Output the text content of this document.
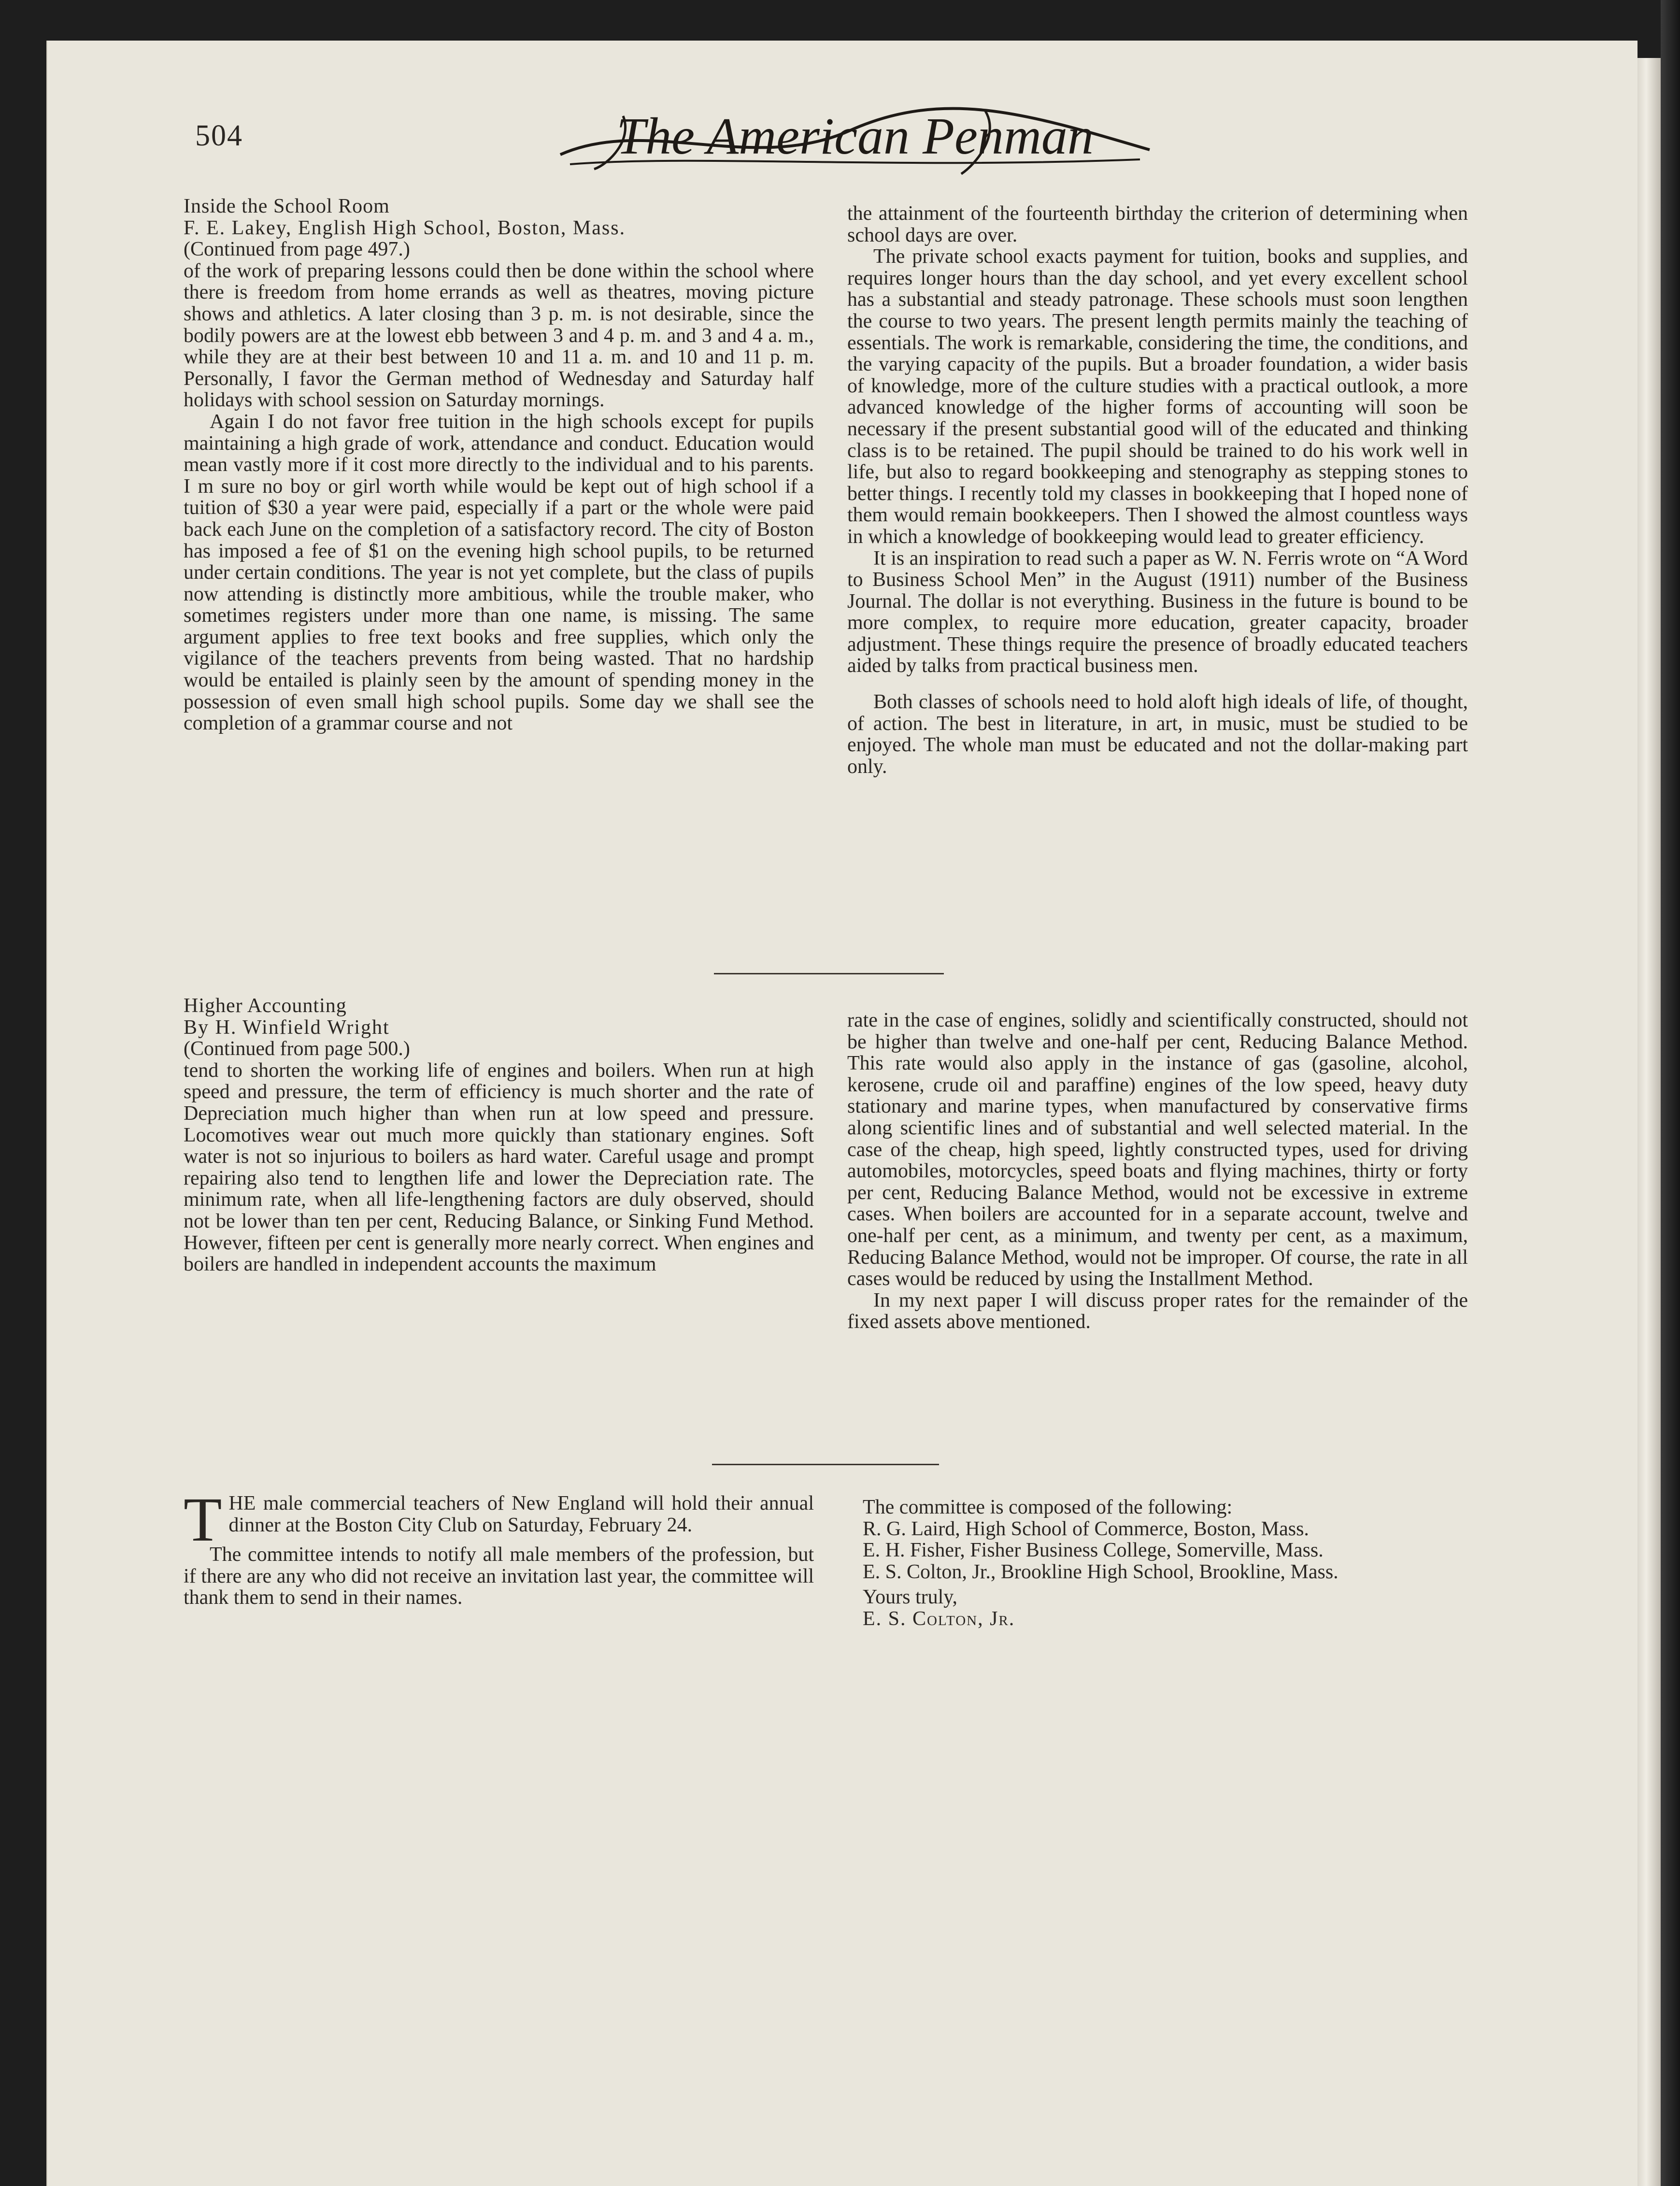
504	The American Penman

Inside the School Room

F. E. Lakey, English High School, Boston, Mass.

(Continued from page 497.)

of the work of preparing lessons could then be done within the school where there is freedom from home errands as well as theatres, moving picture shows and athletics. A later closing than 3 p. m. is not desirable, since the bodily powers are at the lowest ebb between 3 and 4 p. m. and 3 and 4 a. m., while they are at their best between 10 and 11 a. m. and 10 and 11 p. m. Personally, I favor the German method of Wednesday and Saturday half holidays with school session on Saturday mornings.

Again I do not favor free tuition in the high schools except for pupils maintaining a high grade of work, attendance and conduct. Education would mean vastly more if it cost more directly to the individual and to his parents. I m sure no boy or girl worth while would be kept out of high school if a tuition of $30 a year were paid, especially if a part or the whole were paid back each June on the completion of a satisfactory record. The city of Boston has imposed a fee of $1 on the evening high school pupils, to be returned under certain conditions. The year is not yet complete, but the class of pupils now attending is distinctly more ambitious, while the trouble maker, who sometimes registers under more than one name, is missing. The same argument applies to free text books and free supplies, which only the vigilance of the teachers prevents from being wasted. That no hardship would be entailed is plainly seen by the amount of spending money in the possession of even small high school pupils. Some day we shall see the completion of a grammar course and not

the attainment of the fourteenth birthday the criterion of determining when school days are over.

The private school exacts payment for tuition, books and supplies, and requires longer hours than the day school, and yet every excellent school has a substantial and steady patronage. These schools must soon lengthen the course to two years. The present length permits mainly the teaching of essentials. The work is remarkable, considering the time, the conditions, and the varying capacity of the pupils. But a broader foundation, a wider basis of knowledge, more of the culture studies with a practical outlook, a more advanced knowledge of the higher forms of accounting will soon be necessary if the present substantial good will of the educated and thinking class is to be retained. The pupil should be trained to do his work well in life, but also to regard bookkeeping and stenography as stepping stones to better things. I recently told my classes in bookkeeping that I hoped none of them would remain bookkeepers. Then I showed the almost countless ways in which a knowledge of bookkeeping would lead to greater efficiency.

It is an inspiration to read such a paper as W. N. Ferris wrote on “A Word to Business School Men” in the August (1911) number of the Business Journal. The dollar is not everything. Business in the future is bound to be more complex, to require more education, greater capacity, broader adjustment. These things require the presence of broadly educated teachers aided by talks from practical business men.

Both classes of schools need to hold aloft high ideals of life, of thought, of action. The best in literature, in art, in music, must be studied to be enjoyed. The whole man must be educated and not the dollar-making part only.

Higher Accounting

By H. Winfield Wright

(Continued from page 500.)

tend to shorten the working life of engines and boilers. When run at high speed and pressure, the term of efficiency is much shorter and the rate of Depreciation much higher than when run at low speed and pressure. Locomotives wear out much more quickly than stationary engines. Soft water is not so injurious to boilers as hard water. Careful usage and prompt repairing also tend to lengthen life and lower the Depreciation rate. The minimum rate, when all life-lengthening factors are duly observed, should not be lower than ten per cent, Reducing Balance, or Sinking Fund Method. However, fifteen per cent is generally more nearly correct. When engines and boilers are handled in independent accounts the maximum

rate in the case of engines, solidly and scientifically constructed, should not be higher than twelve and one-half per cent, Reducing Balance Method. This rate would also apply in the instance of gas (gasoline, alcohol, kerosene, crude oil and paraffine) engines of the low speed, heavy duty stationary and marine types, when manufactured by conservative firms along scientific lines and of substantial and well selected material. In the case of the cheap, high speed, lightly constructed types, used for driving automobiles, motorcycles, speed boats and flying machines, thirty or forty per cent, Reducing Balance Method, would not be excessive in extreme cases. When boilers are accounted for in a separate account, twelve and one-half per cent, as a minimum, and twenty per cent, as a maximum, Reducing Balance Method, would not be improper. Of course, the rate in all cases would be reduced by using the Installment Method.

In my next paper I will discuss proper rates for the remainder of the fixed assets above mentioned.

T HE male commercial teachers of New England will hold their annual dinner at the Boston City Club on Saturday, February 24.

The committee intends to notify all male members of the profession, but if there are any who did not receive an invitation last year, the committee will thank them to send in their names.

The committee is composed of the following:

R. G. Laird, High School of Commerce, Boston, Mass.

E. H. Fisher, Fisher Business College, Somerville, Mass.

E. S. Colton, Jr., Brookline High School, Brookline, Mass.

Yours truly,

E. S. Colton, Jr.
